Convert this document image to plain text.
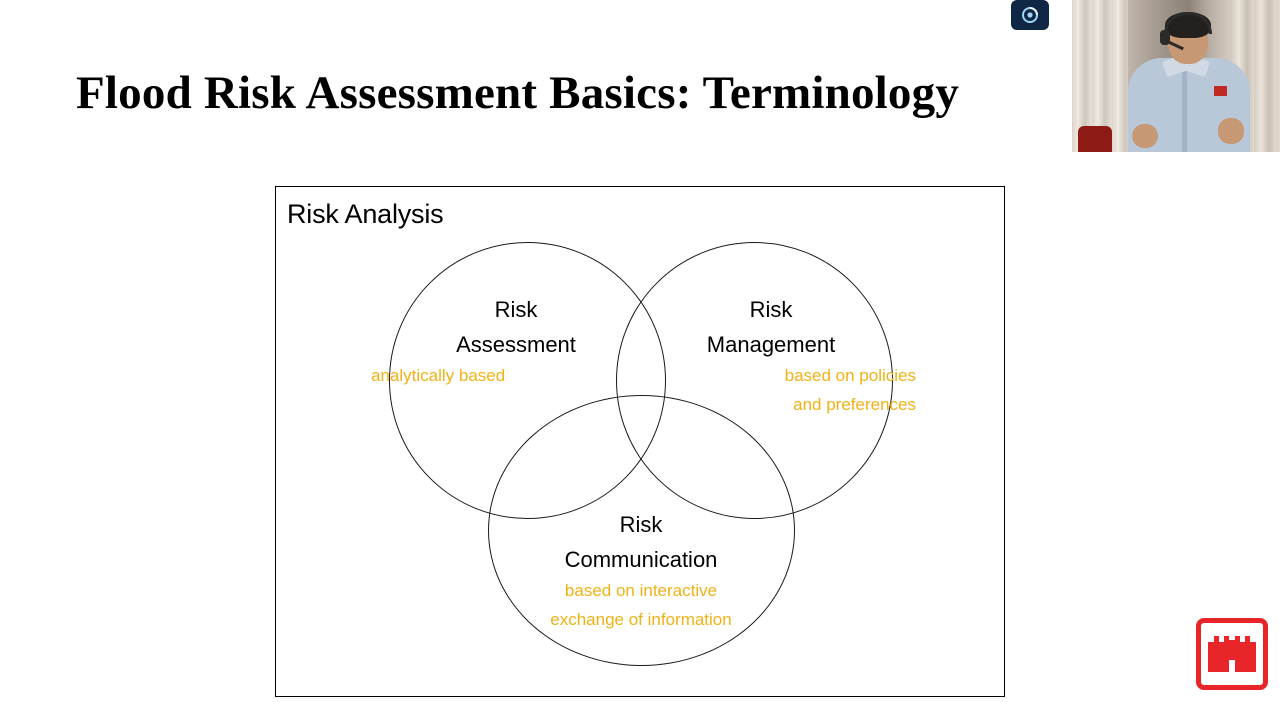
Flood Risk Assessment Basics: Terminology
Risk Analysis
Risk
Assessment
analytically based
Risk
Management
based on policies
and preferences
Risk
Communication
based on interactive
exchange of information
